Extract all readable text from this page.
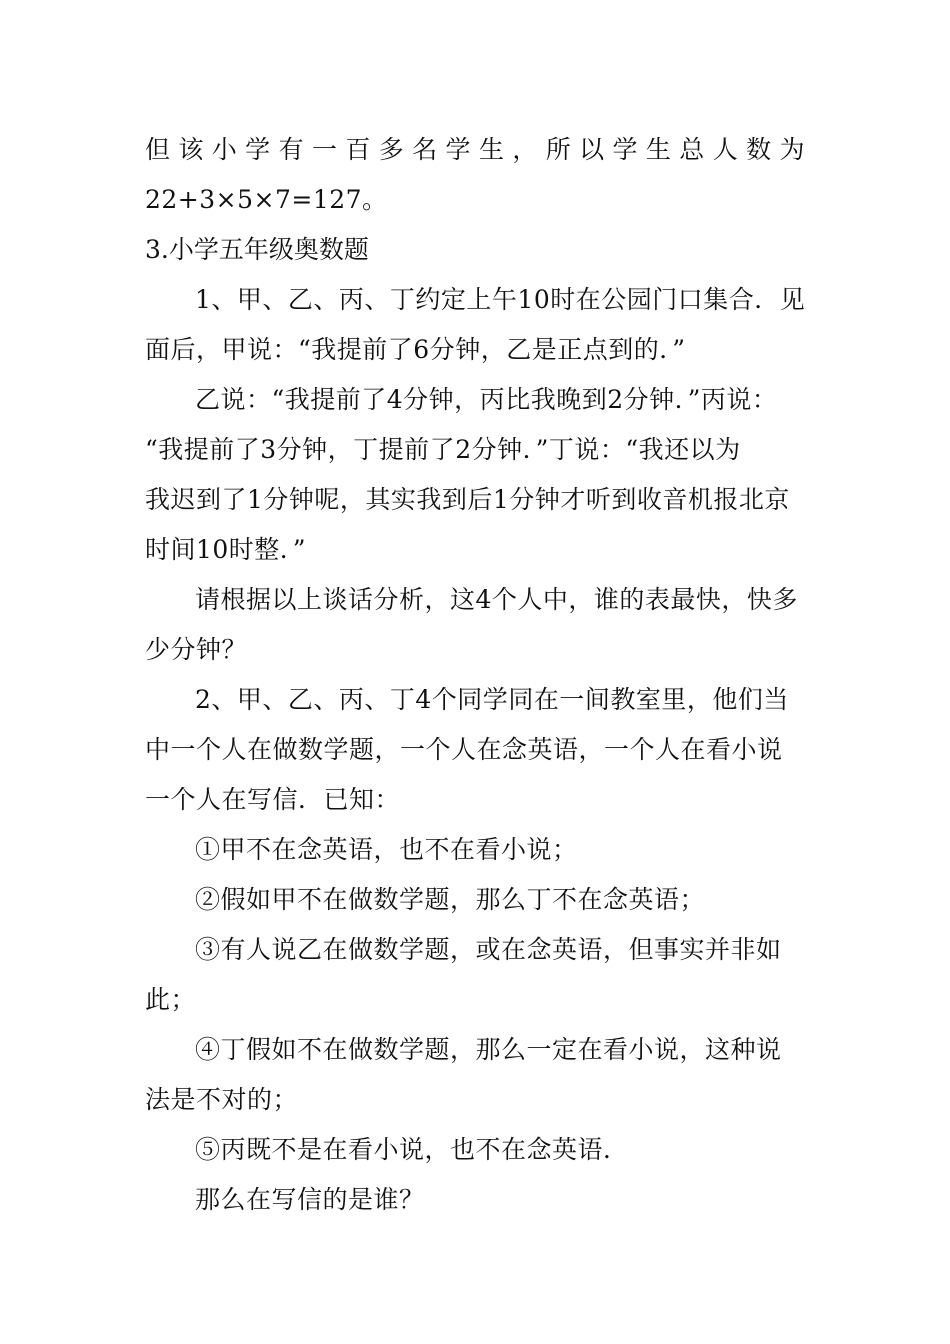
但该小学有一百多名学生，所以学生总人数为
22+3×5×7=127。
3.小学五年级奥数题
1、甲、乙、丙、丁约定上午10时在公园门口集合．见
面后，甲说：“我提前了6分钟，乙是正点到的．”
乙说：“我提前了4分钟，丙比我晚到2分钟．”丙说：
“我提前了3分钟，丁提前了2分钟．”丁说：“我还以为
我迟到了1分钟呢，其实我到后1分钟才听到收音机报北京
时间10时整．”
请根据以上谈话分析，这4个人中，谁的表最快，快多
少分钟？
2、甲、乙、丙、丁4个同学同在一间教室里，他们当
中一个人在做数学题，一个人在念英语，一个人在看小说
一个人在写信．已知：
①甲不在念英语，也不在看小说；
②假如甲不在做数学题，那么丁不在念英语；
③有人说乙在做数学题，或在念英语，但事实并非如
此；
④丁假如不在做数学题，那么一定在看小说，这种说
法是不对的；
⑤丙既不是在看小说，也不在念英语．
那么在写信的是谁？
